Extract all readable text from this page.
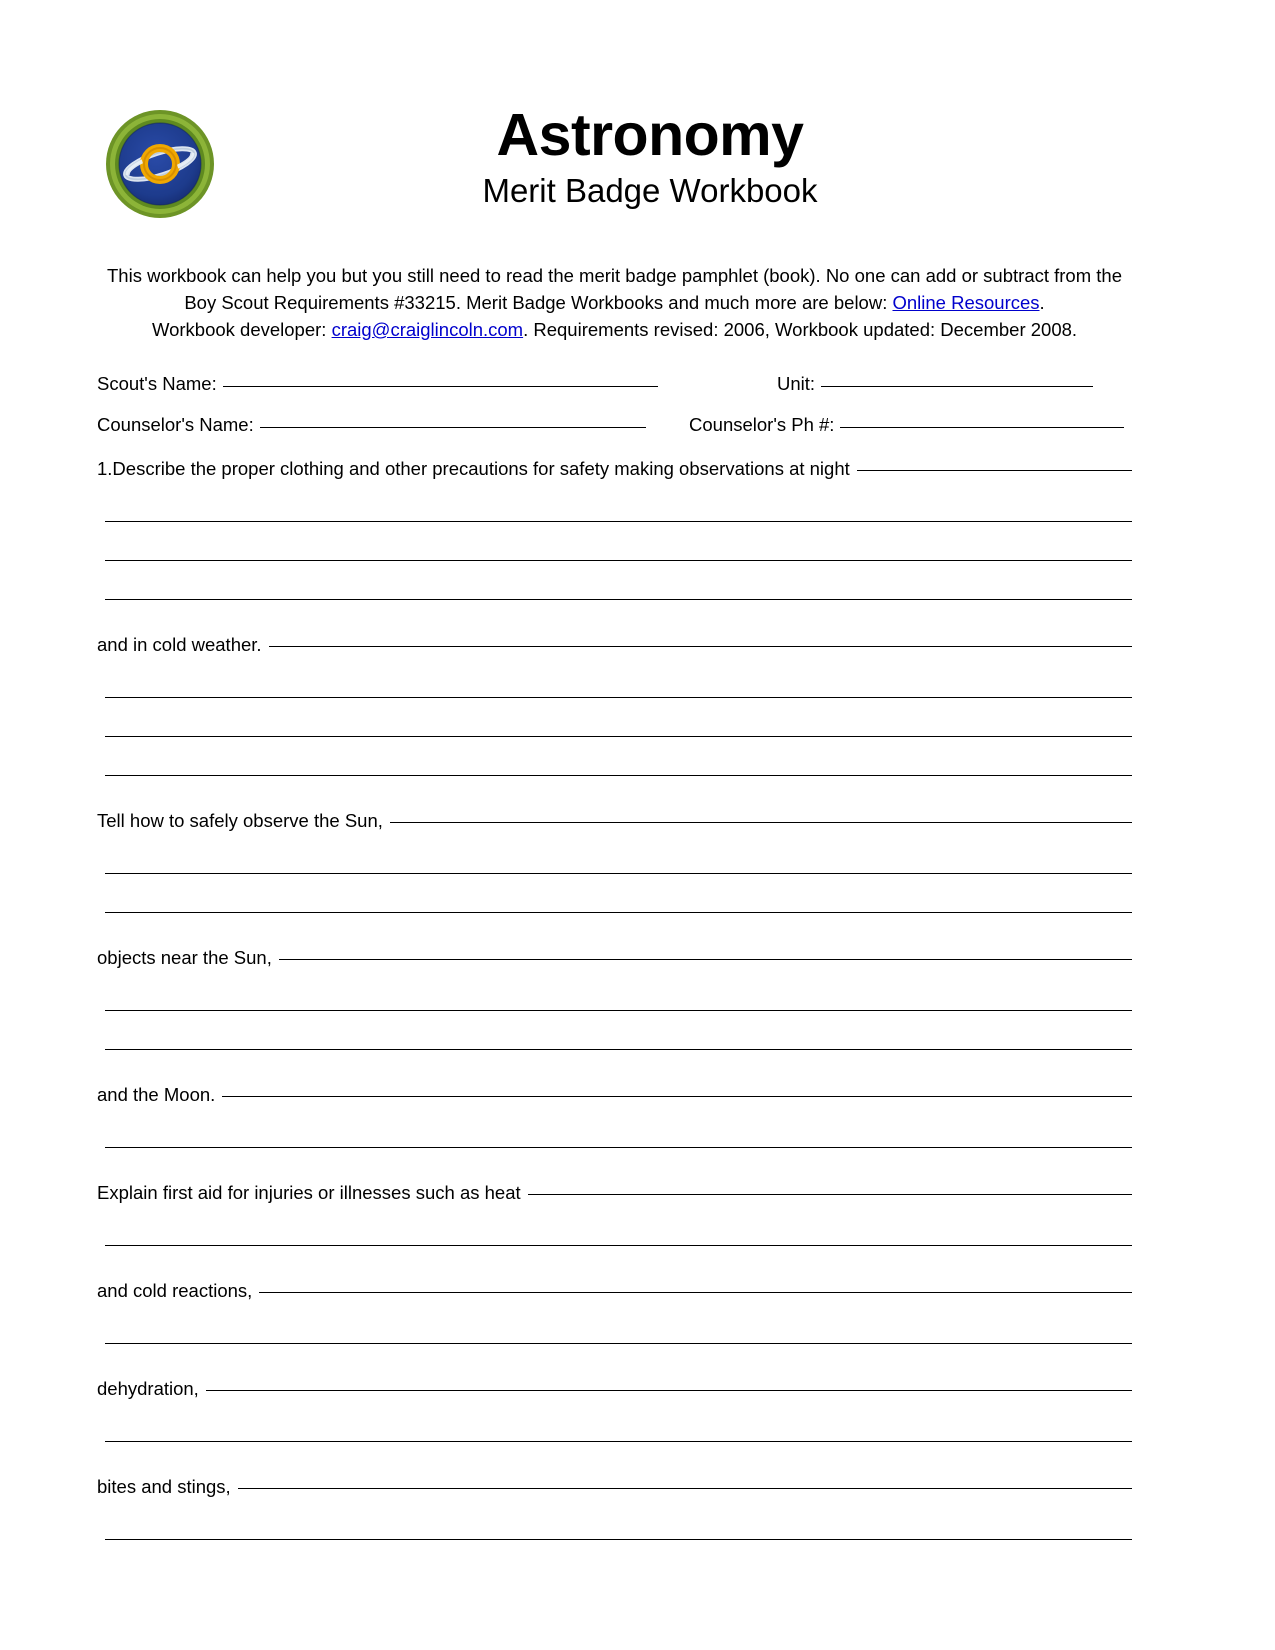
Astronomy
Merit Badge Workbook
This workbook can help you but you still need to read the merit badge pamphlet (book). No one can add or subtract from the
Boy Scout Requirements #33215. Merit Badge Workbooks and much more are below: Online Resources.
Workbook developer: craig@craiglincoln.com. Requirements revised: 2006, Workbook updated: December 2008.
Scout's Name:	Unit:
Counselor's Name:	Counselor's Ph #:
1.Describe the proper clothing and other precautions for safety making observations at night
and in cold weather.
Tell how to safely observe the Sun,
objects near the Sun,
and the Moon.
Explain first aid for injuries or illnesses such as heat
and cold reactions,
dehydration,
bites and stings,
